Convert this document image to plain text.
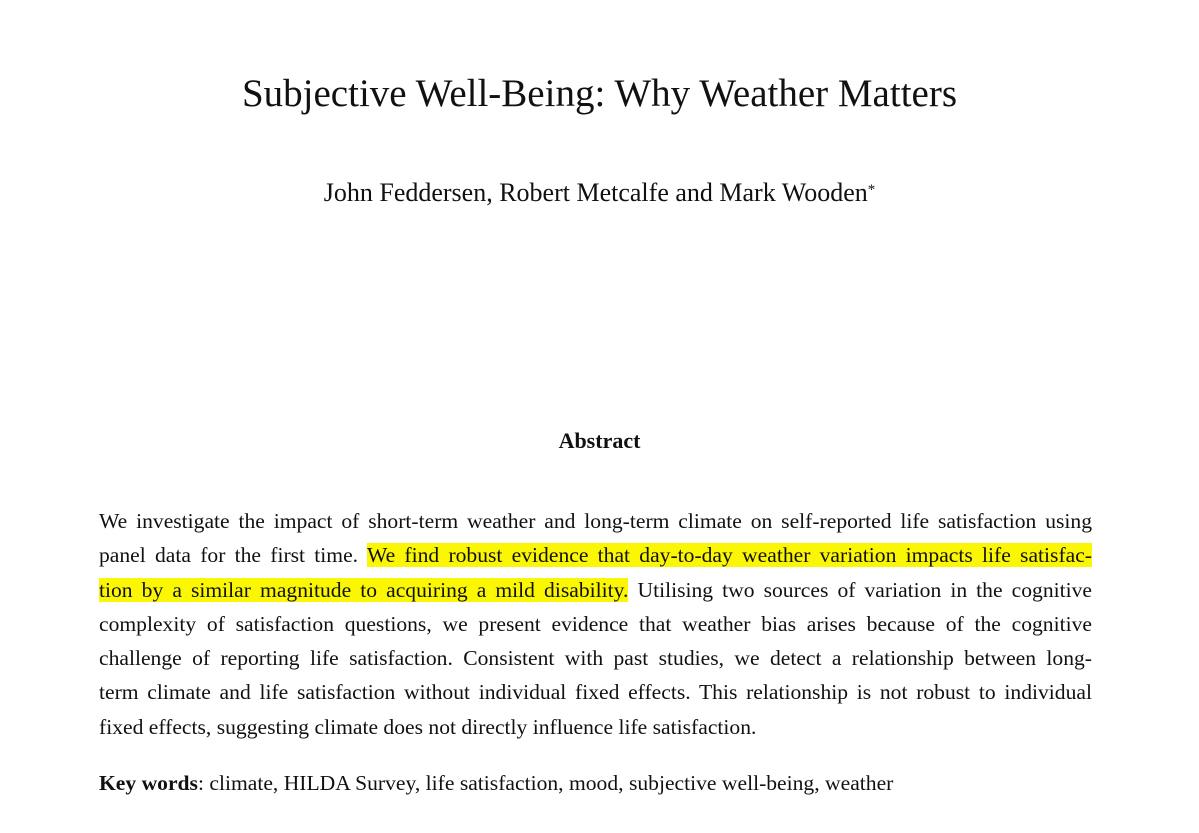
Subjective Well-Being: Why Weather Matters
John Feddersen, Robert Metcalfe and Mark Wooden*
Abstract
We investigate the impact of short-term weather and long-term climate on self-reported life satisfaction using
panel data for the first time. We find robust evidence that day-to-day weather variation impacts life satisfac-
tion by a similar magnitude to acquiring a mild disability. Utilising two sources of variation in the cognitive
complexity of satisfaction questions, we present evidence that weather bias arises because of the cognitive
challenge of reporting life satisfaction. Consistent with past studies, we detect a relationship between long-
term climate and life satisfaction without individual fixed effects. This relationship is not robust to individual
fixed effects, suggesting climate does not directly influence life satisfaction.
Key words: climate, HILDA Survey, life satisfaction, mood, subjective well-being, weather
